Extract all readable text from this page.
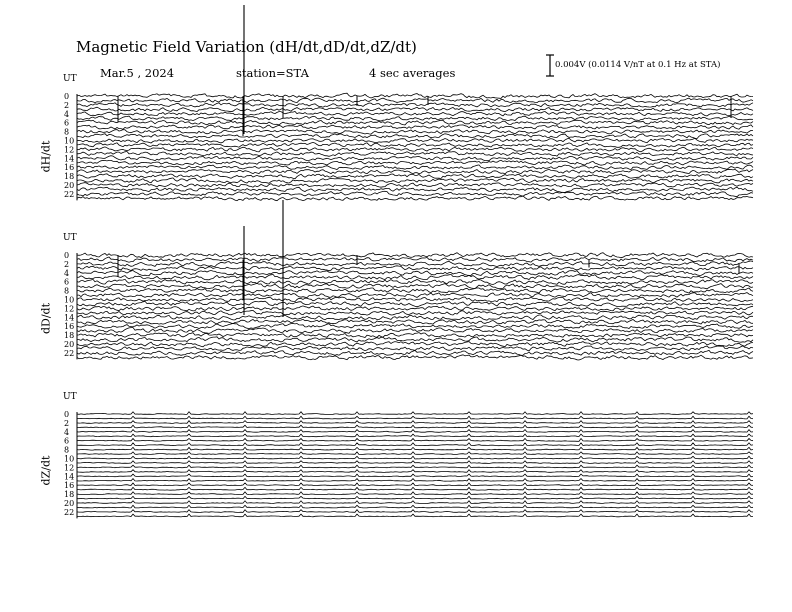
0
2
4
6
8
10
12
14
16
18
20
22
0
2
4
6
8
10
12
14
16
18
20
22
0
2
4
6
8
10
12
14
16
18
20
22
Magnetic Field Variation (dH/dt,dD/dt,dZ/dt)
Mar.5 , 2024	station=STA	4 sec averages
0.004V (0.0114 V/nT at 0.1 Hz at STA)
UT
UT
UT
dH/dt
dD/dt
dZ/dt
